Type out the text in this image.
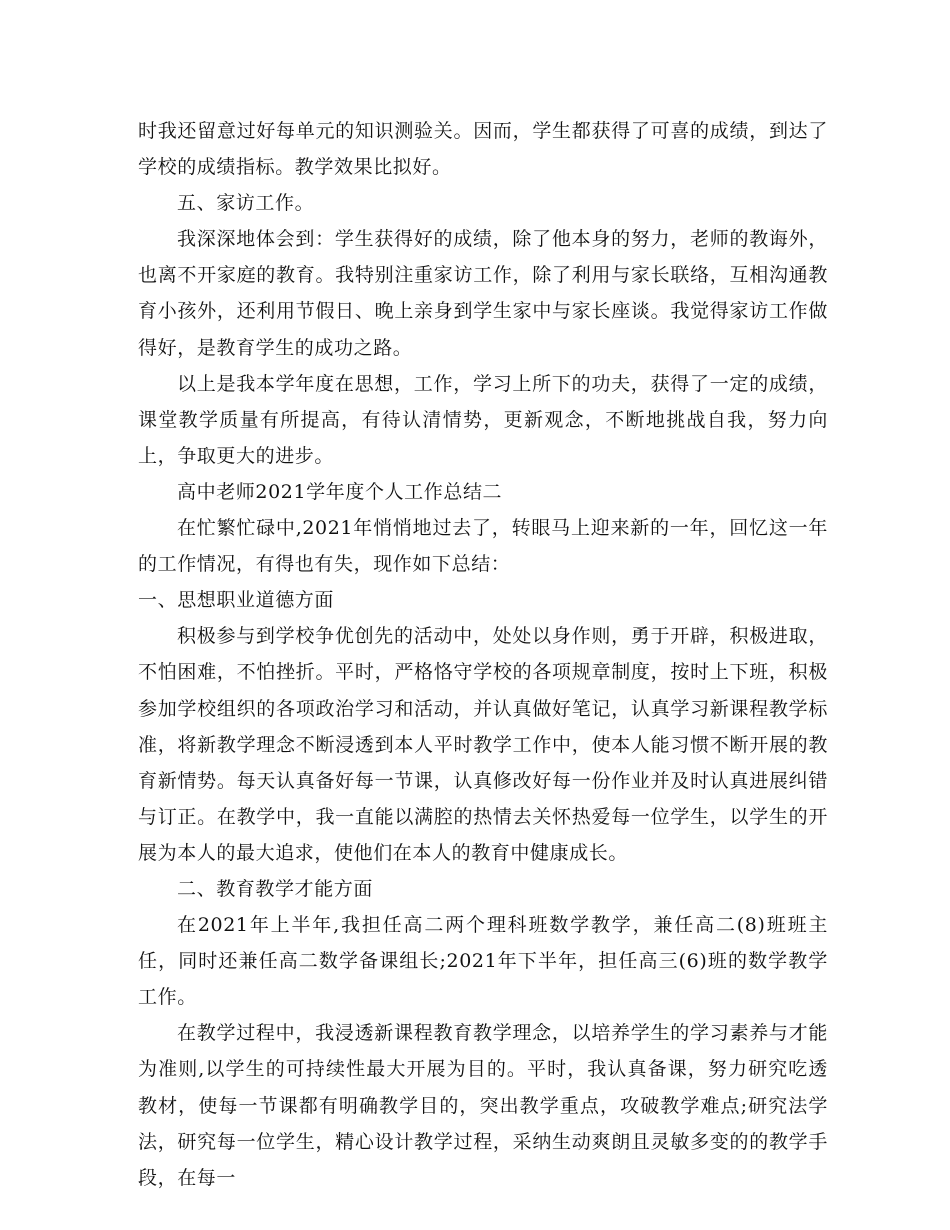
时我还留意过好每单元的知识测验关。因而，学生都获得了可喜的成绩，到达了学校的成绩指标。教学效果比拟好。

五、家访工作。

我深深地体会到：学生获得好的成绩，除了他本身的努力，老师的教诲外，也离不开家庭的教育。我特别注重家访工作，除了利用与家长联络，互相沟通教育小孩外，还利用节假日、晚上亲身到学生家中与家长座谈。我觉得家访工作做得好，是教育学生的成功之路。

以上是我本学年度在思想，工作，学习上所下的功夫，获得了一定的成绩，课堂教学质量有所提高，有待认清情势，更新观念，不断地挑战自我，努力向上，争取更大的进步。

高中老师2021学年度个人工作总结二

在忙繁忙碌中,2021年悄悄地过去了，转眼马上迎来新的一年，回忆这一年的工作情况，有得也有失，现作如下总结：

一、思想职业道德方面

积极参与到学校争优创先的活动中，处处以身作则，勇于开辟，积极进取，不怕困难，不怕挫折。平时，严格恪守学校的各项规章制度，按时上下班，积极参加学校组织的各项政治学习和活动，并认真做好笔记，认真学习新课程教学标准，将新教学理念不断浸透到本人平时教学工作中，使本人能习惯不断开展的教育新情势。每天认真备好每一节课，认真修改好每一份作业并及时认真进展纠错与订正。在教学中，我一直能以满腔的热情去关怀热爱每一位学生，以学生的开展为本人的最大追求，使他们在本人的教育中健康成长。

二、教育教学才能方面

在2021年上半年,我担任高二两个理科班数学教学，兼任高二(8)班班主任，同时还兼任高二数学备课组长;2021年下半年，担任高三(6)班的数学教学工作。

在教学过程中，我浸透新课程教育教学理念，以培养学生的学习素养与才能为准则,以学生的可持续性最大开展为目的。平时，我认真备课，努力研究吃透教材，使每一节课都有明确教学目的，突出教学重点，攻破教学难点;研究法学法，研究每一位学生，精心设计教学过程，采纳生动爽朗且灵敏多变的的教学手段，在每一
